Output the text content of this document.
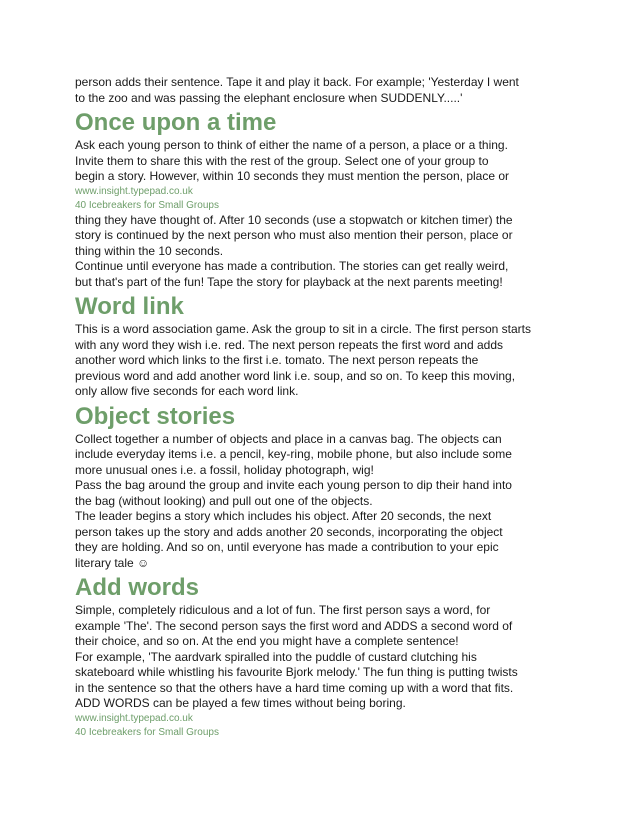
person adds their sentence. Tape it and play it back. For example; 'Yesterday I went

to the zoo and was passing the elephant enclosure when SUDDENLY.....'

Once upon a time

Ask each young person to think of either the name of a person, a place or a thing.

Invite them to share this with the rest of the group. Select one of your group to

begin a story. However, within 10 seconds they must mention the person, place or

www.insight.typepad.co.uk

40 Icebreakers for Small Groups

thing they have thought of. After 10 seconds (use a stopwatch or kitchen timer) the

story is continued by the next person who must also mention their person, place or

thing within the 10 seconds.

Continue until everyone has made a contribution. The stories can get really weird,

but that's part of the fun! Tape the story for playback at the next parents meeting!

Word link

This is a word association game. Ask the group to sit in a circle. The first person starts

with any word they wish i.e. red. The next person repeats the first word and adds

another word which links to the first i.e. tomato. The next person repeats the

previous word and add another word link i.e. soup, and so on. To keep this moving,

only allow five seconds for each word link.

Object stories

Collect together a number of objects and place in a canvas bag. The objects can

include everyday items i.e. a pencil, key-ring, mobile phone, but also include some

more unusual ones i.e. a fossil, holiday photograph, wig!

Pass the bag around the group and invite each young person to dip their hand into

the bag (without looking) and pull out one of the objects.

The leader begins a story which includes his object. After 20 seconds, the next

person takes up the story and adds another 20 seconds, incorporating the object

they are holding. And so on, until everyone has made a contribution to your epic

literary tale ☺

Add words

Simple, completely ridiculous and a lot of fun. The first person says a word, for

example 'The'. The second person says the first word and ADDS a second word of

their choice, and so on. At the end you might have a complete sentence!

For example, 'The aardvark spiralled into the puddle of custard clutching his

skateboard while whistling his favourite Bjork melody.' The fun thing is putting twists

in the sentence so that the others have a hard time coming up with a word that fits.

ADD WORDS can be played a few times without being boring.

www.insight.typepad.co.uk

40 Icebreakers for Small Groups
